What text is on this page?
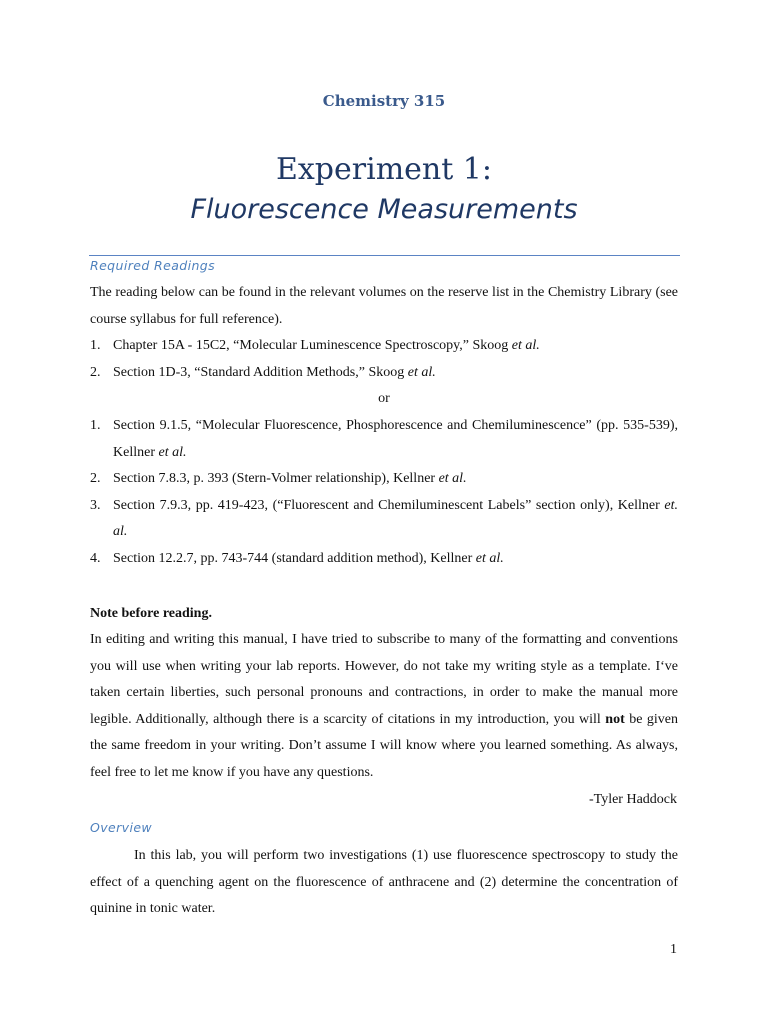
Chemistry 315
Experiment 1:
Fluorescence Measurements
Required Readings
The reading below can be found in the relevant volumes on the reserve list in the Chemistry Library (see course syllabus for full reference).
1. Chapter 15A - 15C2, “Molecular Luminescence Spectroscopy,” Skoog et al.
2. Section 1D-3, “Standard Addition Methods,” Skoog et al.
or
1. Section 9.1.5, “Molecular Fluorescence, Phosphorescence and Chemiluminescence” (pp. 535-539), Kellner et al.
2. Section 7.8.3, p. 393 (Stern-Volmer relationship), Kellner et al.
3. Section 7.9.3, pp. 419-423, (“Fluorescent and Chemiluminescent Labels” section only), Kellner et. al.
4. Section 12.2.7, pp. 743-744 (standard addition method), Kellner et al.
Note before reading.
In editing and writing this manual, I have tried to subscribe to many of the formatting and conventions you will use when writing your lab reports. However, do not take my writing style as a template. I‘ve taken certain liberties, such personal pronouns and contractions, in order to make the manual more legible. Additionally, although there is a scarcity of citations in my introduction, you will not be given the same freedom in your writing. Don’t assume I will know where you learned something. As always, feel free to let me know if you have any questions.
-Tyler Haddock
Overview
In this lab, you will perform two investigations (1) use fluorescence spectroscopy to study the effect of a quenching agent on the fluorescence of anthracene and (2) determine the concentration of quinine in tonic water.
1
